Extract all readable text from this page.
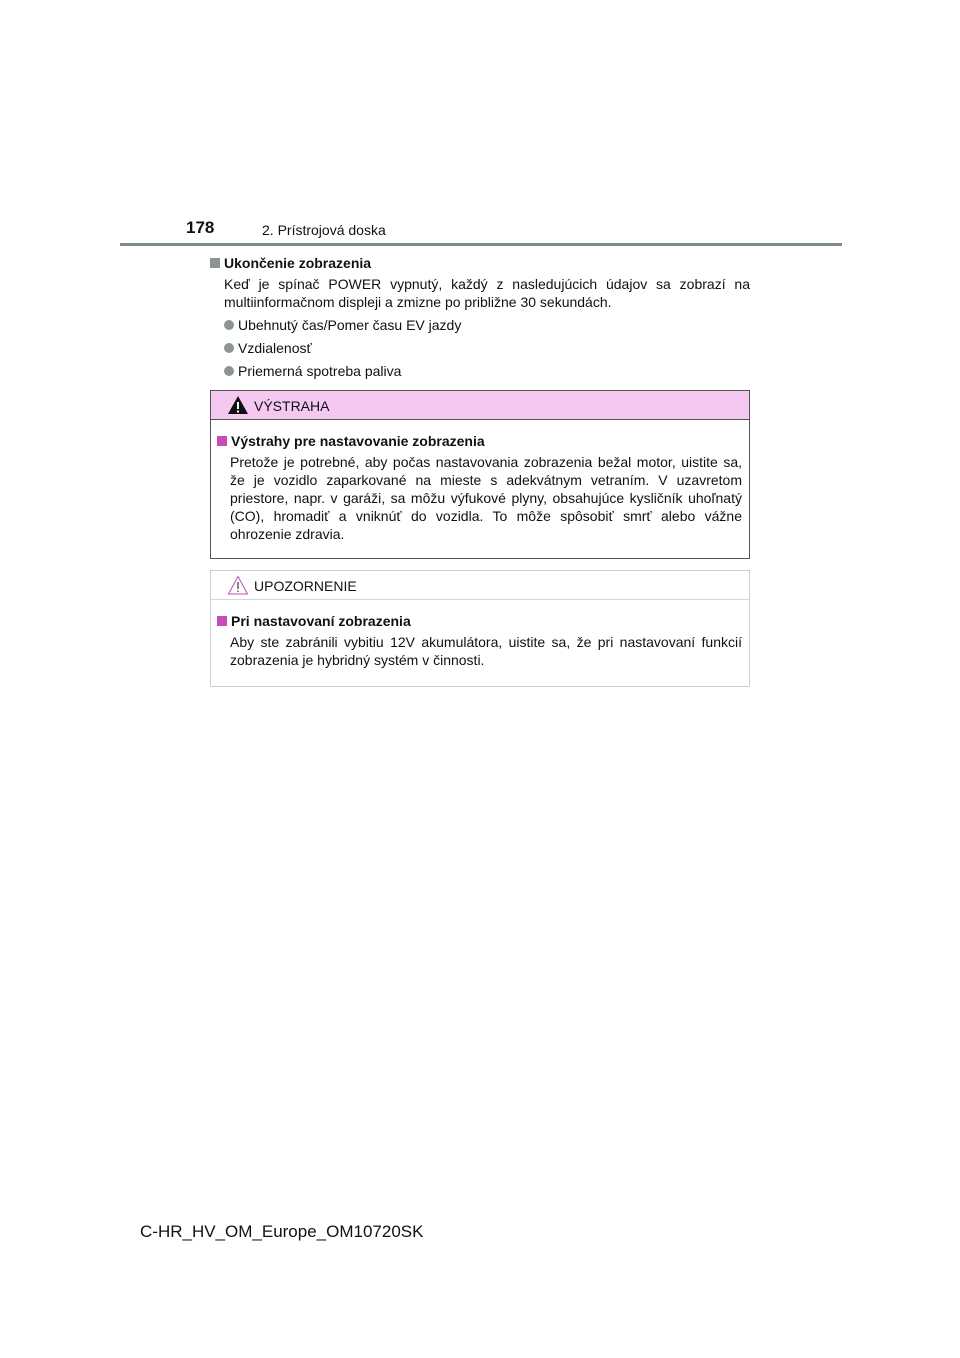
178	2. Prístrojová doska
Ukončenie zobrazenia
Keď je spínač POWER vypnutý, každý z nasledujúcich údajov sa zobrazí na multiinformačnom displeji a zmizne po približne 30 sekundách.
Ubehnutý čas/Pomer času EV jazdy
Vzdialenosť
Priemerná spotreba paliva
VÝSTRAHA
Výstrahy pre nastavovanie zobrazenia
Pretože je potrebné, aby počas nastavovania zobrazenia bežal motor, uistite sa, že je vozidlo zaparkované na mieste s adekvátnym vetraním. V uzavretom priestore, napr. v garáži, sa môžu výfukové plyny, obsahujúce kysličník uhoľnatý (CO), hromadiť a vniknúť do vozidla. To môže spôsobiť smrť alebo vážne ohrozenie zdravia.
UPOZORNENIE
Pri nastavovaní zobrazenia
Aby ste zabránili vybitiu 12V akumulátora, uistite sa, že pri nastavovaní funkcií zobrazenia je hybridný systém v činnosti.
C-HR_HV_OM_Europe_OM10720SK
